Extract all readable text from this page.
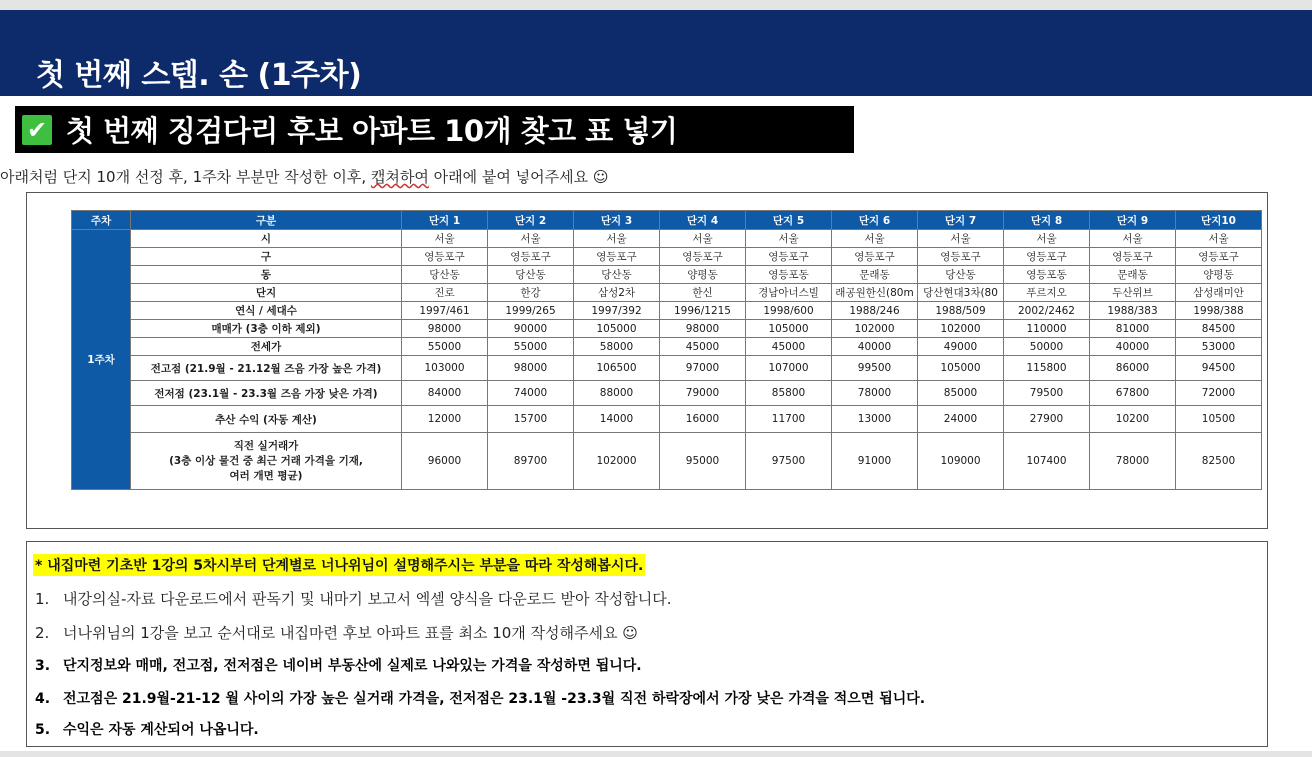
첫 번째 스텝. 손 (1주차)
✔ 첫 번째 징검다리 후보 아파트 10개 찾고 표 넣기
아래처럼 단지 10개 선정 후, 1주차 부분만 작성한 이후, 캡쳐하여 아래에 붙여 넣어주세요 ☺
주차	구분	단지 1	단지 2	단지 3	단지 4	단지 5	단지 6	단지 7	단지 8	단지 9	단지10
1주차	시	서울	서울	서울	서울	서울	서울	서울	서울	서울	서울
	구	영등포구	영등포구	영등포구	영등포구	영등포구	영등포구	영등포구	영등포구	영등포구	영등포구
	동	당산동	당산동	당산동	양평동	영등포동	문래동	당산동	영등포동	문래동	양평동
	단지	진로	한강	삼성2차	한신	경남아너스빌	래공원한신(80m	당산현대3차(80	푸르지오	두산위브	삼성래미안
	연식 / 세대수	1997/461	1999/265	1997/392	1996/1215	1998/600	1988/246	1988/509	2002/2462	1988/383	1998/388
	매매가 (3층 이하 제외)	98000	90000	105000	98000	105000	102000	102000	110000	81000	84500
	전세가	55000	55000	58000	45000	45000	40000	49000	50000	40000	53000
	전고점 (21.9월 - 21.12월 즈음 가장 높은 가격)	103000	98000	106500	97000	107000	99500	105000	115800	86000	94500
	전저점 (23.1월 - 23.3월 즈음 가장 낮은 가격)	84000	74000	88000	79000	85800	78000	85000	79500	67800	72000
	추산 수익 (자동 계산)	12000	15700	14000	16000	11700	13000	24000	27900	10200	10500

	직전 실거래가
(3층 이상 물건 중 최근 거래 가격을 기재,
여러 개면 평균)	96000	89700	102000	95000	97500	91000	109000	107400	78000	82500
* 내집마련 기초반 1강의 5차시부터 단계별로 너나위님이 설명해주시는 부분을 따라 작성해봅시다.
1. 내강의실-자료 다운로드에서 판독기 및 내마기 보고서 엑셀 양식을 다운로드 받아 작성합니다.
2. 너나위님의 1강을 보고 순서대로 내집마련 후보 아파트 표를 최소 10개 작성해주세요 ☺
3. 단지정보와 매매, 전고점, 전저점은 네이버 부동산에 실제로 나와있는 가격을 작성하면 됩니다.
4. 전고점은 21.9월-21-12 월 사이의 가장 높은 실거래 가격을, 전저점은 23.1월 -23.3월 직전 하락장에서 가장 낮은 가격을 적으면 됩니다.
5. 수익은 자동 계산되어 나옵니다.
